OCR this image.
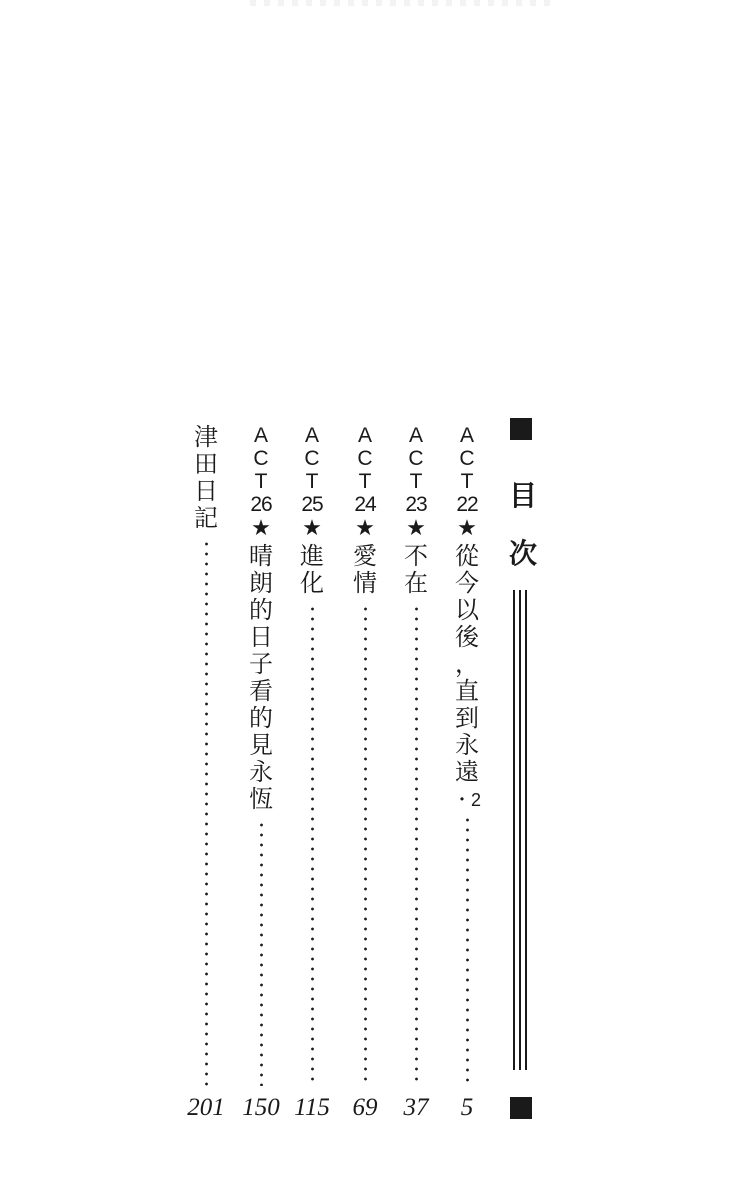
目
次
A
C
T
22
★
從
今
以
後
，
直
到
永
遠
・2
5
A
C
T
23
★
不
在
37
A
C
T
24
★
愛
情
69
A
C
T
25
★
進
化
115
A
C
T
26
★
晴
朗
的
日
子
看
的
見
永
恆
150
津
田
日
記
201
